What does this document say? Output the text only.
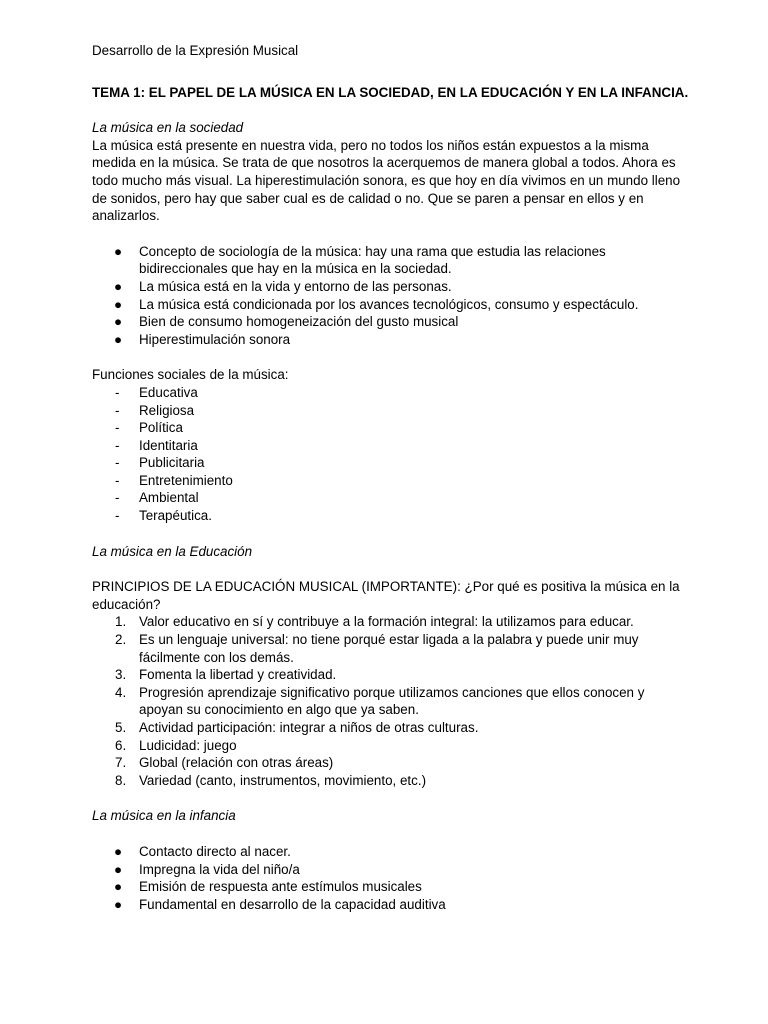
Desarrollo de la Expresión Musical
TEMA 1: EL PAPEL DE LA MÚSICA EN LA SOCIEDAD, EN LA EDUCACIÓN Y EN LA INFANCIA.

La música en la sociedad

La música está presente en nuestra vida, pero no todos los niños están expuestos a la misma medida en la música. Se trata de que nosotros la acerquemos de manera global a todos. Ahora es todo mucho más visual. La hiperestimulación sonora, es que hoy en día vivimos en un mundo lleno de sonidos, pero hay que saber cual es de calidad o no. Que se paren a pensar en ellos y en analizarlos.

● Concepto de sociología de la música: hay una rama que estudia las relaciones bidireccionales que hay en la música en la sociedad.
● La música está en la vida y entorno de las personas.
● La música está condicionada por los avances tecnológicos, consumo y espectáculo.
● Bien de consumo homogeneización del gusto musical
● Hiperestimulación sonora

Funciones sociales de la música:

- Educativa
- Religiosa
- Política
- Identitaria
- Publicitaria
- Entretenimiento
- Ambiental
- Terapéutica.

La música en la Educación

PRINCIPIOS DE LA EDUCACIÓN MUSICAL (IMPORTANTE): ¿Por qué es positiva la música en la educación?

1. Valor educativo en sí y contribuye a la formación integral: la utilizamos para educar.
2. Es un lenguaje universal: no tiene porqué estar ligada a la palabra y puede unir muy fácilmente con los demás.
3. Fomenta la libertad y creatividad.
4. Progresión aprendizaje significativo porque utilizamos canciones que ellos conocen y apoyan su conocimiento en algo que ya saben.
5. Actividad participación: integrar a niños de otras culturas.
6. Ludicidad: juego
7. Global (relación con otras áreas)
8. Variedad (canto, instrumentos, movimiento, etc.)

La música en la infancia

● Contacto directo al nacer.
● Impregna la vida del niño/a
● Emisión de respuesta ante estímulos musicales
● Fundamental en desarrollo de la capacidad auditiva
